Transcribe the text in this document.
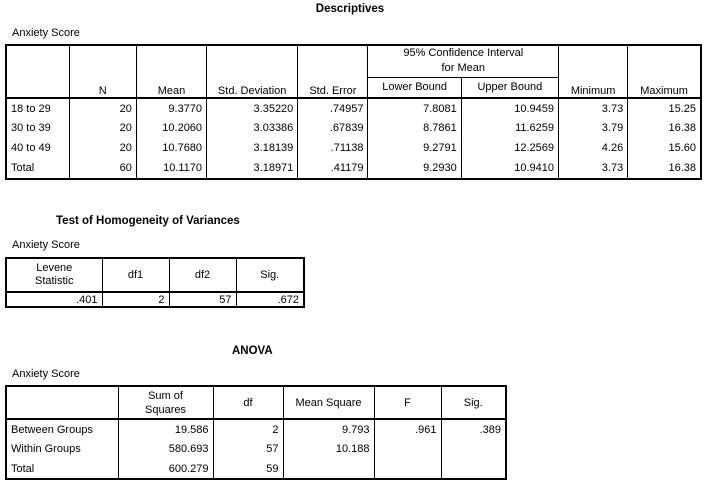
Descriptives
Anxiety Score
	N	Mean	Std. Deviation	Std. Error	95% Confidence Interval for Mean		Minimum	Maximum
					Lower Bound	Upper Bound		
18 to 29	20	9.3770	3.35220	.74957	7.8081	10.9459	3.73	15.25
30 to 39	20	10.2060	3.03386	.67839	8.7861	11.6259	3.79	16.38
40 to 49	20	10.7680	3.18139	.71138	9.2791	12.2569	4.26	15.60
Total	60	10.1170	3.18971	.41179	9.2930	10.9410	3.73	16.38
Test of Homogeneity of Variances
Anxiety Score
Levene Statistic	df1	df2	Sig.
.401	2	57	.672
ANOVA
Anxiety Score
	Sum of Squares	df	Mean Square	F	Sig.
Between Groups	19.586	2	9.793	.961	.389
Within Groups	580.693	57	10.188		
Total	600.279	59			
